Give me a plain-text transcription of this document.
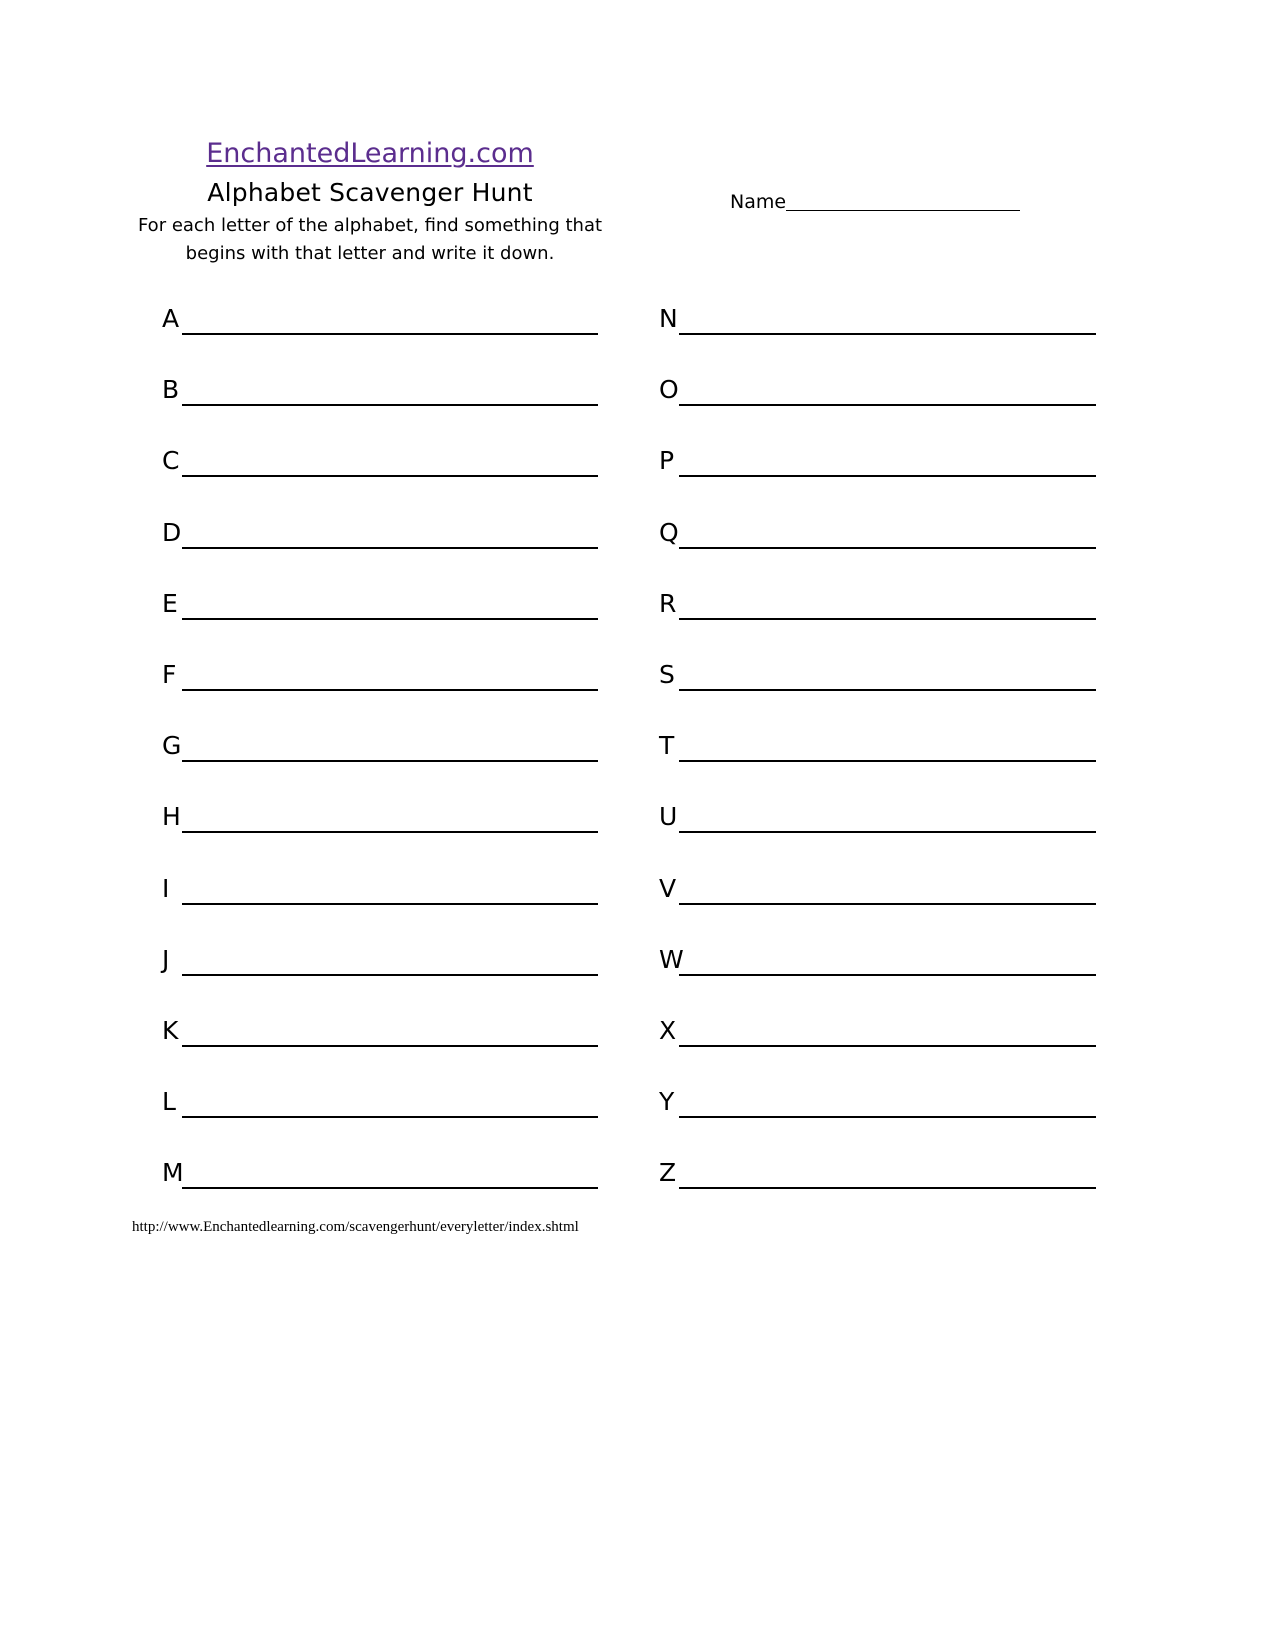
EnchantedLearning.com
Alphabet Scavenger Hunt
For each letter of the alphabet, find something that
begins with that letter and write it down.
Name
A
B
C
D
E
F
G
H
I
J
K
L
M
N
O
P
Q
R
S
T
U
V
W
X
Y
Z
http://www.Enchantedlearning.com/scavengerhunt/everyletter/index.shtml
